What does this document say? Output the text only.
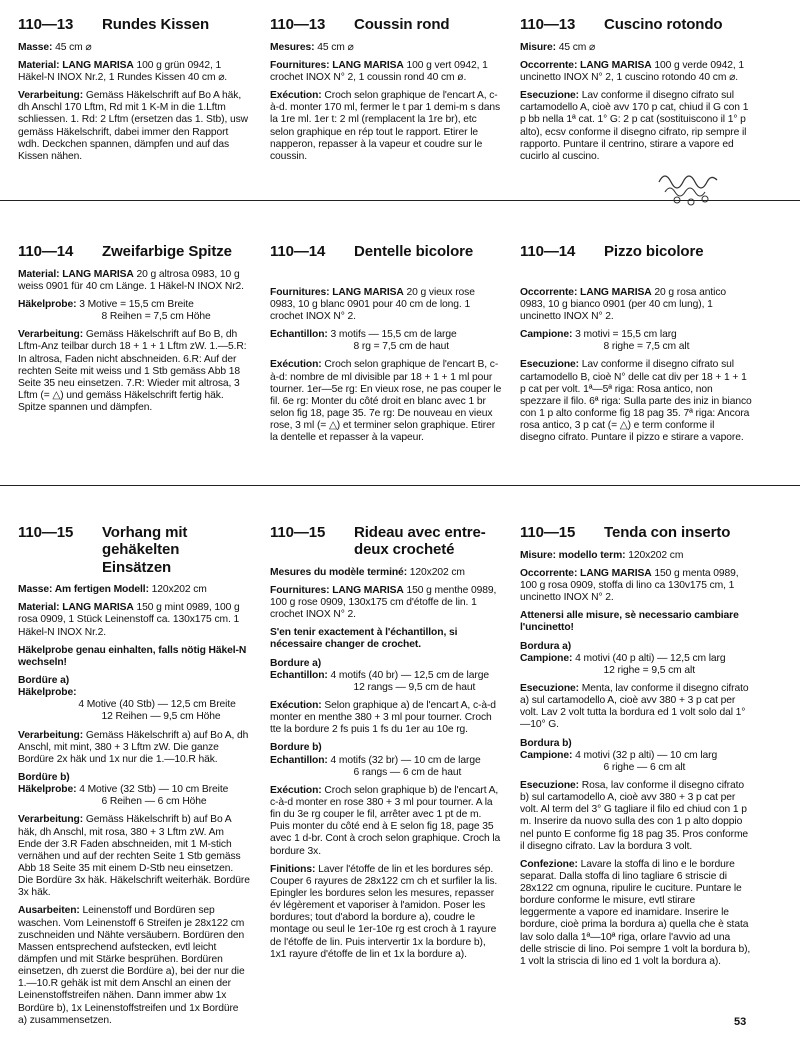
110—13	Rundes Kissen

Masse: 45 cm ⌀

Material: LANG MARISA 100 g grün 0942, 1 Häkel-N INOX Nr.2, 1 Rundes Kissen 40 cm ⌀.

Verarbeitung: Gemäss Häkelschrift auf Bo A häk, dh Anschl 170 Lftm, Rd mit 1 K-M in die 1.Lftm schliessen. 1. Rd: 2 Lftm (ersetzen das 1. Stb), usw gemäss Häkelschrift, dabei immer den Rapport wdh. Deckchen spannen, dämpfen und auf das Kissen nähen.

110—13	Coussin rond

Mesures: 45 cm ⌀

Fournitures: LANG MARISA 100 g vert 0942, 1 crochet INOX N° 2, 1 coussin rond 40 cm ø.

Exécution: Croch selon graphique de l'encart A, c-à-d. monter 170 ml, fermer le t par 1 demi-m s dans la 1re ml. 1er t: 2 ml (remplacent la 1re br), etc selon graphique en rép tout le rapport. Etirer le napperon, repasser à la vapeur et coudre sur le coussin.

110—13	Cuscino rotondo

Misure: 45 cm ⌀

Occorrente: LANG MARISA 100 g verde 0942, 1 uncinetto INOX N° 2, 1 cuscino rotondo 40 cm ⌀.

Esecuzione: Lav conforme il disegno cifrato sul cartamodello A, cioè avv 170 p cat, chiud il G con 1 p bb nella 1ª cat. 1° G: 2 p cat (sostituiscono il 1° p alto), ecsv conforme il disegno cifrato, rip sempre il rapporto. Puntare il centrino, stirare a vapore ed cucirlo al cuscino.

110—14	Zweifarbige Spitze

Material: LANG MARISA 20 g altrosa 0983, 10 g weiss 0901 für 40 cm Länge. 1 Häkel-N INOX Nr2.

Häkelprobe: 3 Motive = 15,5 cm Breite
8 Reihen = 7,5 cm Höhe

Verarbeitung: Gemäss Häkelschrift auf Bo B, dh Lftm-Anz teilbar durch 18 + 1 + 1 Lftm zW. 1.—5.R: In altrosa, Faden nicht abschneiden. 6.R: Auf der rechten Seite mit weiss und 1 Stb gemäss Abb 18 Seite 35 neu einsetzen. 7.R: Wieder mit altrosa, 3 Lftm (= △) und gemäss Häkelschrift fertig häk. Spitze spannen und dämpfen.

110—14	Dentelle bicolore

Fournitures: LANG MARISA 20 g vieux rose 0983, 10 g blanc 0901 pour 40 cm de long. 1 crochet INOX N° 2.

Echantillon: 3 motifs — 15,5 cm de large
8 rg = 7,5 cm de haut

Exécution: Croch selon graphique de l'encart B, c-à-d: nombre de ml divisible par 18 + 1 + 1 ml pour tourner. 1er—5e rg: En vieux rose, ne pas couper le fil. 6e rg: Monter du côté droit en blanc avec 1 br selon fig 18, page 35. 7e rg: De nouveau en vieux rose, 3 ml (= △) et terminer selon graphique. Etirer la dentelle et repasser à la vapeur.

110—14	Pizzo bicolore

Occorrente: LANG MARISA 20 g rosa antico 0983, 10 g bianco 0901 (per 40 cm lung), 1 uncinetto INOX N° 2.

Campione: 3 motivi = 15,5 cm larg
8 righe = 7,5 cm alt

Esecuzione: Lav conforme il disegno cifrato sul cartamodello B, cioè N° delle cat div per 18 + 1 + 1 p cat per volt. 1ª—5ª riga: Rosa antico, non spezzare il filo. 6ª riga: Sulla parte des iniz in bianco con 1 p alto conforme fig 18 pag 35. 7ª riga: Ancora rosa antico, 3 p cat (= △) e term conforme il disegno cifrato. Puntare il pizzo e stirare a vapore.

110—15	Vorhang mit gehäkelten Einsätzen

Masse: Am fertigen Modell: 120x202 cm

Material: LANG MARISA 150 g mint 0989, 100 g rosa 0909, 1 Stück Leinenstoff ca. 130x175 cm. 1 Häkel-N INOX Nr.2.

Häkelprobe genau einhalten, falls nötig Häkel-N wechseln!

Bordüre a)
Häkelprobe:
4 Motive (40 Stb) — 12,5 cm Breite
12 Reihen — 9,5 cm Höhe

Verarbeitung: Gemäss Häkelschrift a) auf Bo A, dh Anschl, mit mint, 380 + 3 Lftm zW. Die ganze Bordüre 2x häk und 1x nur die 1.—10.R häk.

Bordüre b)
Häkelprobe: 4 Motive (32 Stb) — 10 cm Breite
6 Reihen — 6 cm Höhe

Verarbeitung: Gemäss Häkelschrift b) auf Bo A häk, dh Anschl, mit rosa, 380 + 3 Lftm zW. Am Ende der 3.R Faden abschneiden, mit 1 M-stich vernähen und auf der rechten Seite 1 Stb gemäss Abb 18 Seite 35 mit einem D-Stb neu einsetzen. Die Bordüre 3x häk. Häkelschrift weiterhäk. Bordüre 3x häk.

Ausarbeiten: Leinenstoff und Bordüren sep waschen. Vom Leinenstoff 6 Streifen je 28x122 cm zuschneiden und Nähte versäubern. Bordüren den Massen entsprechend aufstecken, evtl leicht dämpfen und mit Stärke besprühen. Bordüren einsetzen, dh zuerst die Bordüre a), bei der nur die 1.—10.R gehäk ist mit dem Anschl an einen der Leinenstoffstreifen nähen. Dann immer abw 1x Bordüre b), 1x Leinenstoffstreifen und 1x Bordüre a) zusammensetzen.

110—15	Rideau avec entre-deux crocheté

Mesures du modèle terminé: 120x202 cm

Fournitures: LANG MARISA 150 g menthe 0989, 100 g rose 0909, 130x175 cm d'étoffe de lin. 1 crochet INOX N° 2.

S'en tenir exactement à l'échantillon, si nécessaire changer de crochet.

Bordure a)
Echantillon: 4 motifs (40 br) — 12,5 cm de large
12 rangs — 9,5 cm de haut

Exécution: Selon graphique a) de l'encart A, c-à-d monter en menthe 380 + 3 ml pour tourner. Croch tte la bordure 2 fs puis 1 fs du 1er au 10e rg.

Bordure b)
Echantillon: 4 motifs (32 br) — 10 cm de large
6 rangs — 6 cm de haut

Exécution: Croch selon graphique b) de l'encart A, c-à-d monter en rose 380 + 3 ml pour tourner. A la fin du 3e rg couper le fil, arrêter avec 1 pt de m. Puis monter du côté end à E selon fig 18, page 35 avec 1 d-br. Cont à croch selon graphique. Croch la bordure 3x.

Finitions: Laver l'étoffe de lin et les bordures sép. Couper 6 rayures de 28x122 cm ch et surfiler la lis. Epingler les bordures selon les mesures, repasser év légèrement et vaporiser à l'amidon. Poser les bordures; tout d'abord la bordure a), coudre le montage ou seul le 1er-10e rg est croch à 1 rayure de l'étoffe de lin. Puis intervertir 1x la bordure b), 1x1 rayure d'étoffe de lin et 1x la bordure a).

110—15	Tenda con inserto

Misure: modello term: 120x202 cm

Occorrente: LANG MARISA 150 g menta 0989, 100 g rosa 0909, stoffa di lino ca 130v175 cm, 1 uncinetto INOX N° 2.

Attenersi alle misure, sè necessario cambiare l'uncinetto!

Bordura a)
Campione: 4 motivi (40 p alti) — 12,5 cm larg
12 righe = 9,5 cm alt

Esecuzione: Menta, lav conforme il disegno cifrato a) sul cartamodello A, cioè avv 380 + 3 p cat per volt. Lav 2 volt tutta la bordura ed 1 volt solo dal 1°—10° G.

Bordura b)
Campione: 4 motivi (32 p alti) — 10 cm larg
6 righe — 6 cm alt

Esecuzione: Rosa, lav conforme il disegno cifrato b) sul cartamodello A, cioè avv 380 + 3 p cat per volt. Al term del 3° G tagliare il filo ed chiud con 1 p m. Inserire da nuovo sulla des con 1 p alto doppio nel punto E conforme fig 18 pag 35. Pros conforme il disegno cifrato. Lav la bordura 3 volt.

Confezione: Lavare la stoffa di lino e le bordure separat. Dalla stoffa di lino tagliare 6 striscie di 28x122 cm ognuna, ripulire le cuciture. Puntare le bordure conforme le misure, evtl stirare leggermente a vapore ed inamidare. Inserire le bordure, cioè prima la bordura a) quella che è stata lav solo dalla 1ª—10ª riga, orlare l'avvio ad una delle striscie di lino. Poi sempre 1 volt la bordura b), 1 volt la striscia di lino ed 1 volt la bordura a).

53
